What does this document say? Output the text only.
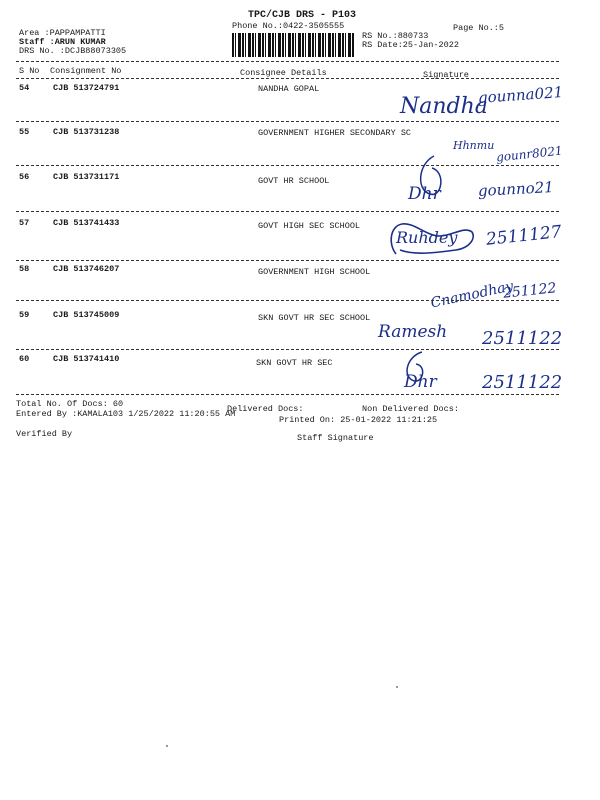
TPC/CJB DRS - P103
Phone No.:0422-3505555	Page No.:5
Area :PAPPAMPATTI
Staff :ARUN KUMAR
DRS No. :DCJB88073305
RS No.:880733
RS Date:25-Jan-2022
S No Consignment No	Consignee Details	Signature
54	CJB 513724791	NANDHA GOPAL
Nandha
gounna021
55	CJB 513731238	GOVERNMENT HIGHER SECONDARY SC
Hhnmu gounr8021
56	CJB 513731171	GOVT HR SCHOOL
Dhr gounno21
57	CJB 513741433	GOVT HIGH SEC SCHOOL
Ruhdey 2511127
58	CJB 513746207	GOVERNMENT HIGH SCHOOL
Cnamodhay
251122
59	CJB 513745009	SKN GOVT HR SEC SCHOOL
Ramesh 2511122
60	CJB 513741410	SKN GOVT HR SEC
Dhr	2511122
Total No. Of Docs: 60	Delivered Docs:	Non Delivered Docs:
Entered By :KAMALA103 1/25/2022 11:20:55 AM
Printed On: 25-01-2022 11:21:25
Verified By	Staff Signature
